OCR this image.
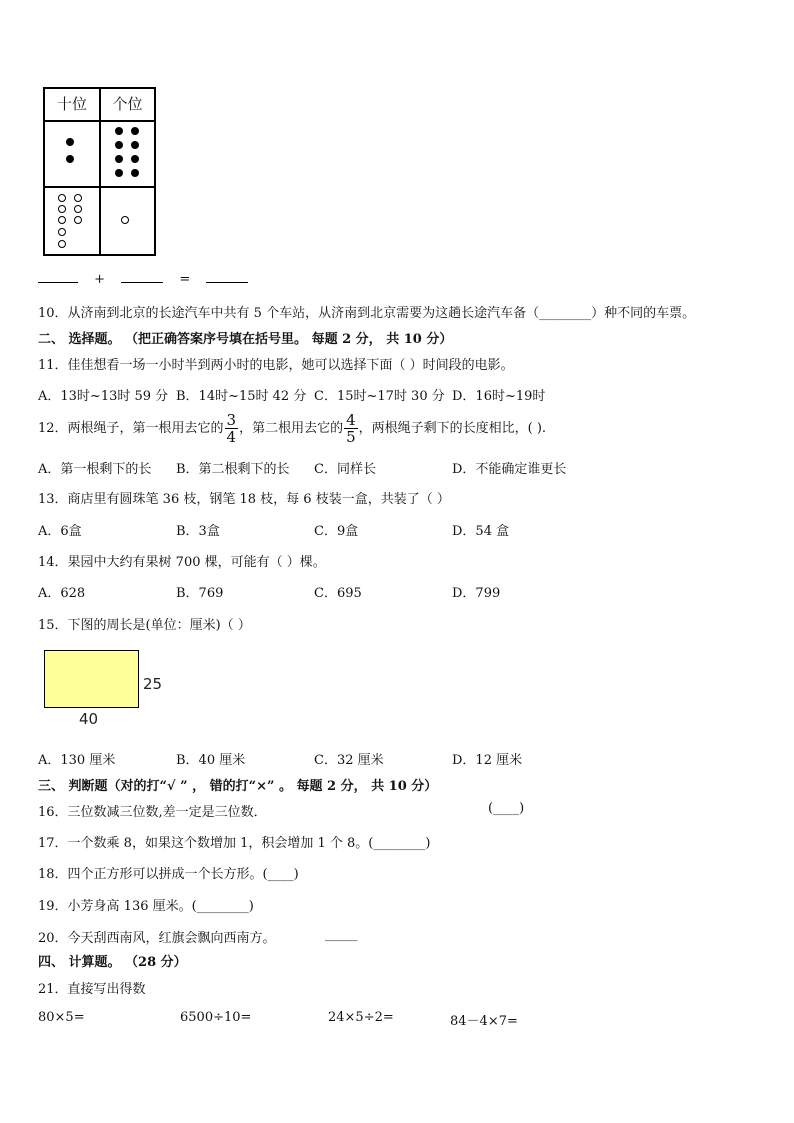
十位	个位
+	=
10．从济南到北京的长途汽车中共有 5 个车站，从济南到北京需要为这趟长途汽车备（________）种不同的车票。
二、 选择题。 （把正确答案序号填在括号里。 每题 2 分， 共 10 分）
11．佳佳想看一场一小时半到两小时的电影，她可以选择下面（ ）时间段的电影。
A．13时~13时 59 分 B．14时~15时 42 分 C．15时~17时 30 分 D．16时~19时
12．两根绳子，第一根用去它的 $\frac{3}{4}$ ，第二根用去它的 $\frac{4}{5}$ ，两根绳子剩下的长度相比，( ).
A．第一根剩下的长 B．第二根剩下的长 C．同样长	D．不能确定谁更长
13．商店里有圆珠笔 36 枝，钢笔 18 枝，每 6 枝装一盒，共装了（ ）
A．6盒	B．3盒	C．9盒	D．54 盒
14．果园中大约有果树 700 棵，可能有（ ）棵。
A．628	B．769	C．695	D．799
15．下图的周长是(单位：厘米)（ ）
25
40
A．130 厘米	B．40 厘米	C．32 厘米	D．12 厘米
三、 判断题（对的打“√ ” ， 错的打“×” 。 每题 2 分， 共 10 分）
16．三位数减三位数,差一定是三位数．	(____)
17．一个数乘 8，如果这个数增加 1，积会增加 1 个 8。(________)
18．四个正方形可以拼成一个长方形。(____)
19．小芳身高 136 厘米。(________)
20．今天刮西南风，红旗会飘向西南方。	_____
四、 计算题。 （28 分）
21．直接写出得数
80×5=	6500÷10=	24×5÷2=	84－4×7=
